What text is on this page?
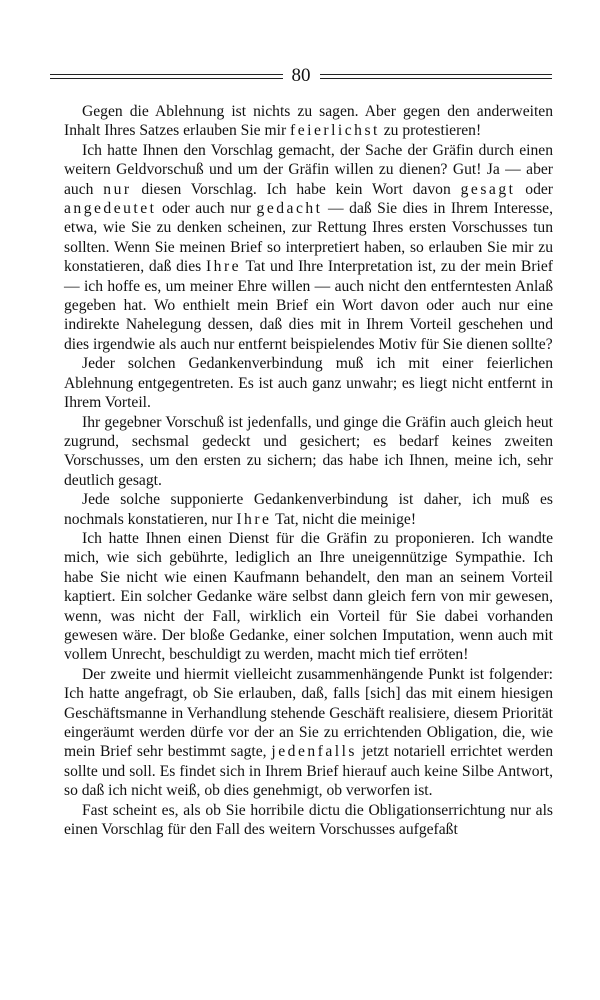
80

Gegen die Ablehnung ist nichts zu sagen. Aber gegen den anderweiten Inhalt Ihres Satzes erlauben Sie mir feierlichst zu protestieren!

Ich hatte Ihnen den Vorschlag gemacht, der Sache der Gräfin durch einen weitern Geldvorschuß und um der Gräfin willen zu dienen? Gut! Ja — aber auch nur diesen Vorschlag. Ich habe kein Wort davon gesagt oder angedeutet oder auch nur gedacht — daß Sie dies in Ihrem Interesse, etwa, wie Sie zu denken scheinen, zur Rettung Ihres ersten Vorschusses tun sollten. Wenn Sie meinen Brief so interpretiert haben, so erlauben Sie mir zu konstatieren, daß dies Ihre Tat und Ihre Interpretation ist, zu der mein Brief — ich hoffe es, um meiner Ehre willen — auch nicht den entferntesten Anlaß gegeben hat. Wo enthielt mein Brief ein Wort davon oder auch nur eine indirekte Nahelegung dessen, daß dies mit in Ihrem Vorteil geschehen und dies irgendwie als auch nur entfernt beispielendes Motiv für Sie dienen sollte?

Jeder solchen Gedankenverbindung muß ich mit einer feierlichen Ablehnung entgegentreten. Es ist auch ganz unwahr; es liegt nicht entfernt in Ihrem Vorteil.

Ihr gegebner Vorschuß ist jedenfalls, und ginge die Gräfin auch gleich heut zugrund, sechsmal gedeckt und gesichert; es bedarf keines zweiten Vorschusses, um den ersten zu sichern; das habe ich Ihnen, meine ich, sehr deutlich gesagt.

Jede solche supponierte Gedankenverbindung ist daher, ich muß es nochmals konstatieren, nur Ihre Tat, nicht die meinige!

Ich hatte Ihnen einen Dienst für die Gräfin zu proponieren. Ich wandte mich, wie sich gebührte, lediglich an Ihre uneigennützige Sympathie. Ich habe Sie nicht wie einen Kaufmann behandelt, den man an seinem Vorteil kaptiert. Ein solcher Gedanke wäre selbst dann gleich fern von mir gewesen, wenn, was nicht der Fall, wirklich ein Vorteil für Sie dabei vorhanden gewesen wäre. Der bloße Gedanke, einer solchen Imputation, wenn auch mit vollem Unrecht, beschuldigt zu werden, macht mich tief erröten!

Der zweite und hiermit vielleicht zusammenhängende Punkt ist folgender: Ich hatte angefragt, ob Sie erlauben, daß, falls [sich] das mit einem hiesigen Geschäftsmanne in Verhandlung stehende Geschäft realisiere, diesem Priorität eingeräumt werden dürfe vor der an Sie zu errichtenden Obligation, die, wie mein Brief sehr bestimmt sagte, jedenfalls jetzt notariell errichtet werden sollte und soll. Es findet sich in Ihrem Brief hierauf auch keine Silbe Antwort, so daß ich nicht weiß, ob dies genehmigt, ob verworfen ist.

Fast scheint es, als ob Sie horribile dictu die Obligationserrichtung nur als einen Vorschlag für den Fall des weitern Vorschusses aufgefaßt
